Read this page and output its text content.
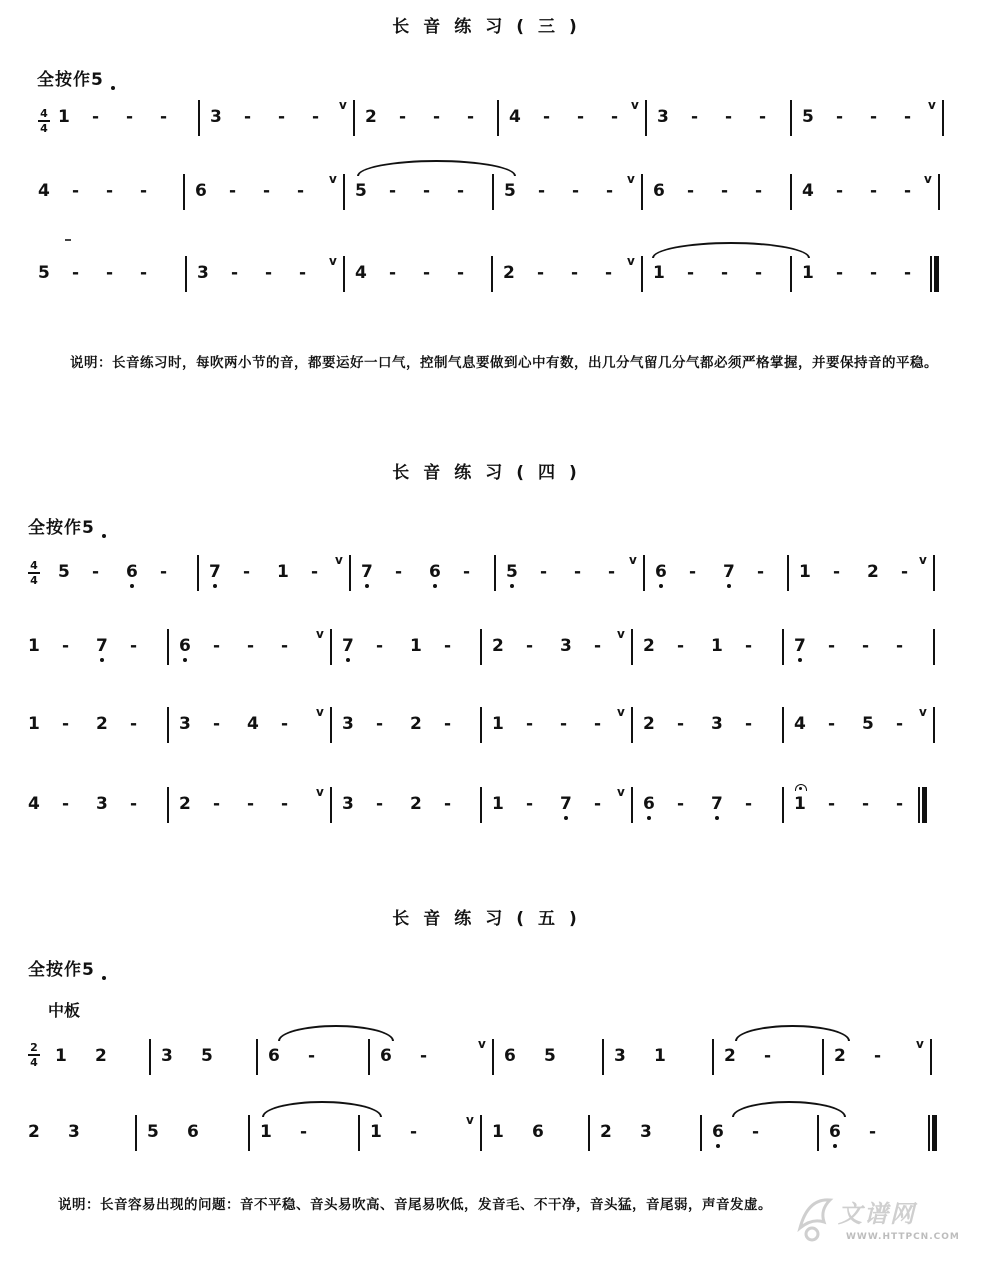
长音练习(三)
全按作5
4
4
1 - - -	3 - - -
v
2 - - - 4 - - -
v
3 - - - 5 - - -
v
4 - - -	6 - - -
v
5 - - - 5 - - -
v
6 - - - 4 - - -
v
5 - - -	3 - - -
v
4 - - - 2 - - -
v
1 - - - 1 - - -
说明：长音练习时，每吹两小节的音，都要运好一口气，控制气息要做到心中有数，出几分气留几分气都必须严格掌握，并要保持音的平稳。
长音练习(四)
全按作5
4
4 5 - 6 - 7 - 1 -
v
7 - 6 - 5 - - -
v
6 - 7 - 1 - 2 -
v
1 - 7 - 6 - - -
v
7 - 1 - 2 - 3 -
v
2 - 1 - 7 - - -
1 - 2 - 3 - 4 -
v
3 - 2 - 1 - - -
v
2 - 3 - 4 - 5 -
v
4 - 3 - 2 - - -
v
3 - 2 - 1 - 7 -
v
6 - 7 - 1 - - -
长音练习(五)
全按作5
中板
2
4 1 2	3 5	6 -	6 -
v
6 5	3 1	2 -	2 -
v
2 3	5 6	1 -	1 -
v
1 6	2 3	6 -	6 -
说明：长音容易出现的问题：音不平稳、音头易吹高、音尾易吹低，发音毛、不干净，音头猛，音尾弱，声音发虚。	文谱网
WWW.HTTPCN.COM
